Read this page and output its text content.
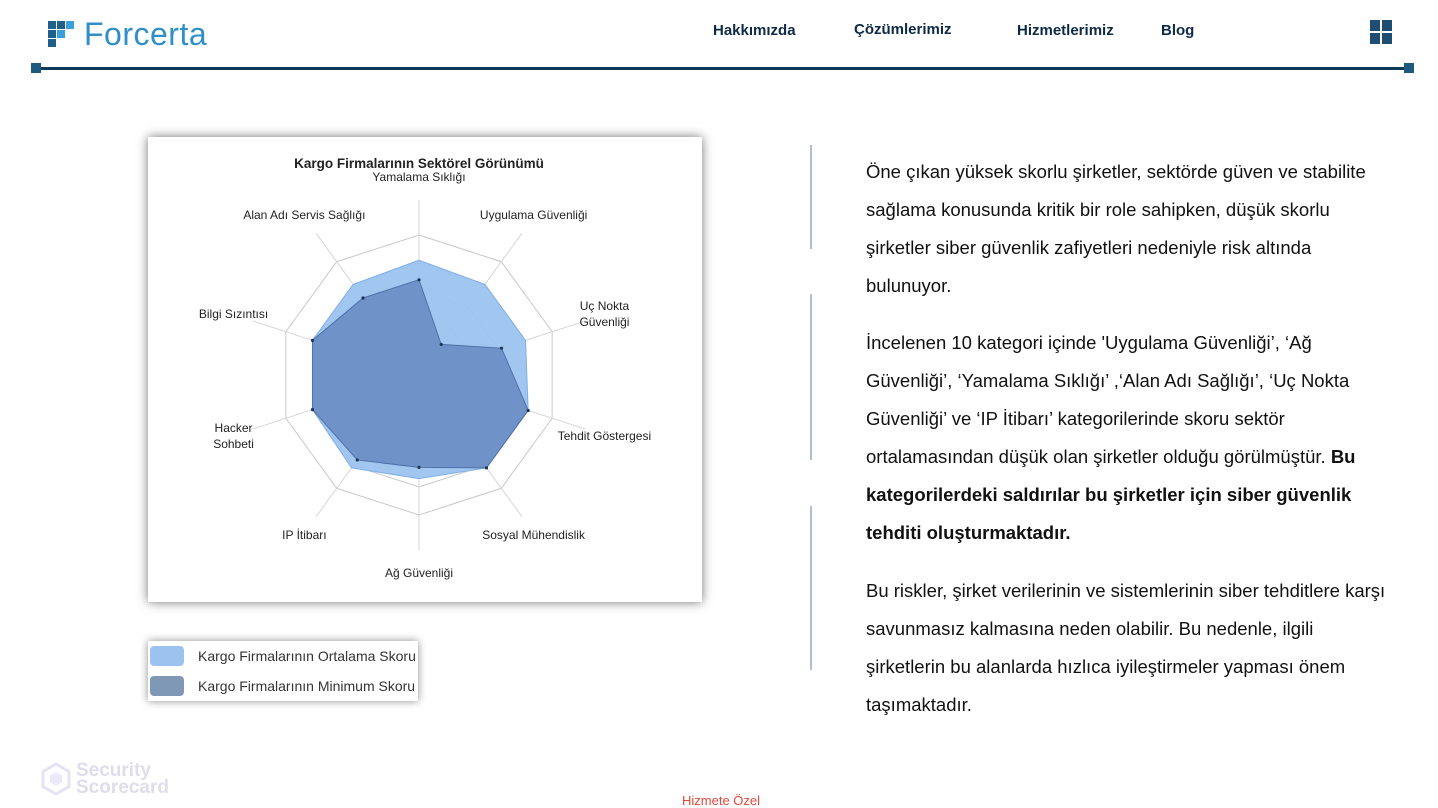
Forcerta	Hakkımızda	Çözümlerimiz	Hizmetlerimiz	Blog
Kargo Firmalarının Sektörel Görünümü
Yamalama Sıklığı
Uygulama Güvenliği
Uç Nokta Güvenliği
Tehdit Göstergesi
Sosyal Mühendislik
Ağ Güvenliği
IP İtibarı
Hacker Sohbeti
Bilgi Sızıntısı
Alan Adı Servis Sağlığı
Kargo Firmalarının Ortalama Skoru
Kargo Firmalarının Minimum Skoru

Öne çıkan yüksek skorlu şirketler, sektörde güven ve stabilite sağlama konusunda kritik bir role sahipken, düşük skorlu şirketler siber güvenlik zafiyetleri nedeniyle risk altında bulunuyor.

İncelenen 10 kategori içinde 'Uygulama Güvenliği’, ‘Ağ Güvenliği’, ‘Yamalama Sıklığı’ ,‘Alan Adı Sağlığı’, ‘Uç Nokta Güvenliği’ ve ‘IP İtibarı’ kategorilerinde skoru sektör ortalamasından düşük olan şirketler olduğu görülmüştür. Bu kategorilerdeki saldırılar bu şirketler için siber güvenlik tehditi oluşturmaktadır.

Bu riskler, şirket verilerinin ve sistemlerinin siber tehditlere karşı savunmasız kalmasına neden olabilir. Bu nedenle, ilgili şirketlerin bu alanlarda hızlıca iyileştirmeler yapması önem taşımaktadır.

Security Scorecard
Hizmete Özel
